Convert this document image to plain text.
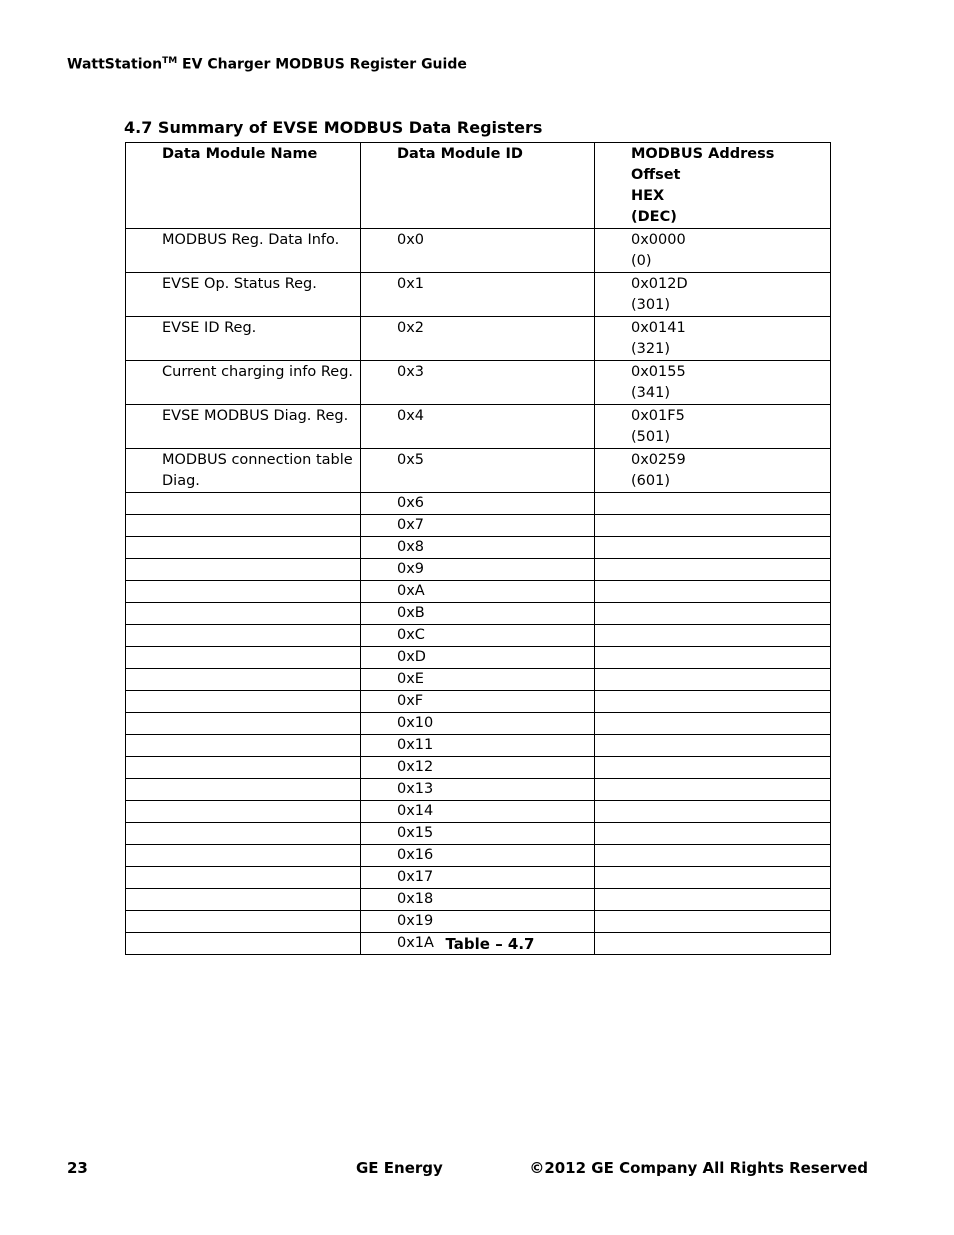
WattStation™ EV Charger MODBUS Register Guide
4.7 Summary of EVSE MODBUS Data Registers
Data Module Name	Data Module ID	MODBUS Address Offset
HEX
(DEC)
MODBUS Reg. Data Info.	0x0	0x0000
(0)
EVSE Op. Status Reg.	0x1	0x012D
(301)
EVSE ID Reg.	0x2	0x0141
(321)
Current charging info Reg.	0x3	0x0155
(341)
EVSE MODBUS Diag. Reg.	0x4	0x01F5
(501)
MODBUS connection table Diag.	0x5	0x0259
(601)
	0x6	
	0x7	
	0x8	
	0x9	
	0xA	
	0xB	
	0xC	
	0xD	
	0xE	
	0xF	
	0x10	
	0x11	
	0x12	
	0x13	
	0x14	
	0x15	
	0x16	
	0x17	
	0x18	
	0x19	
	0x1A	Table – 4.7
23	GE Energy	©2012 GE Company All Rights Reserved
